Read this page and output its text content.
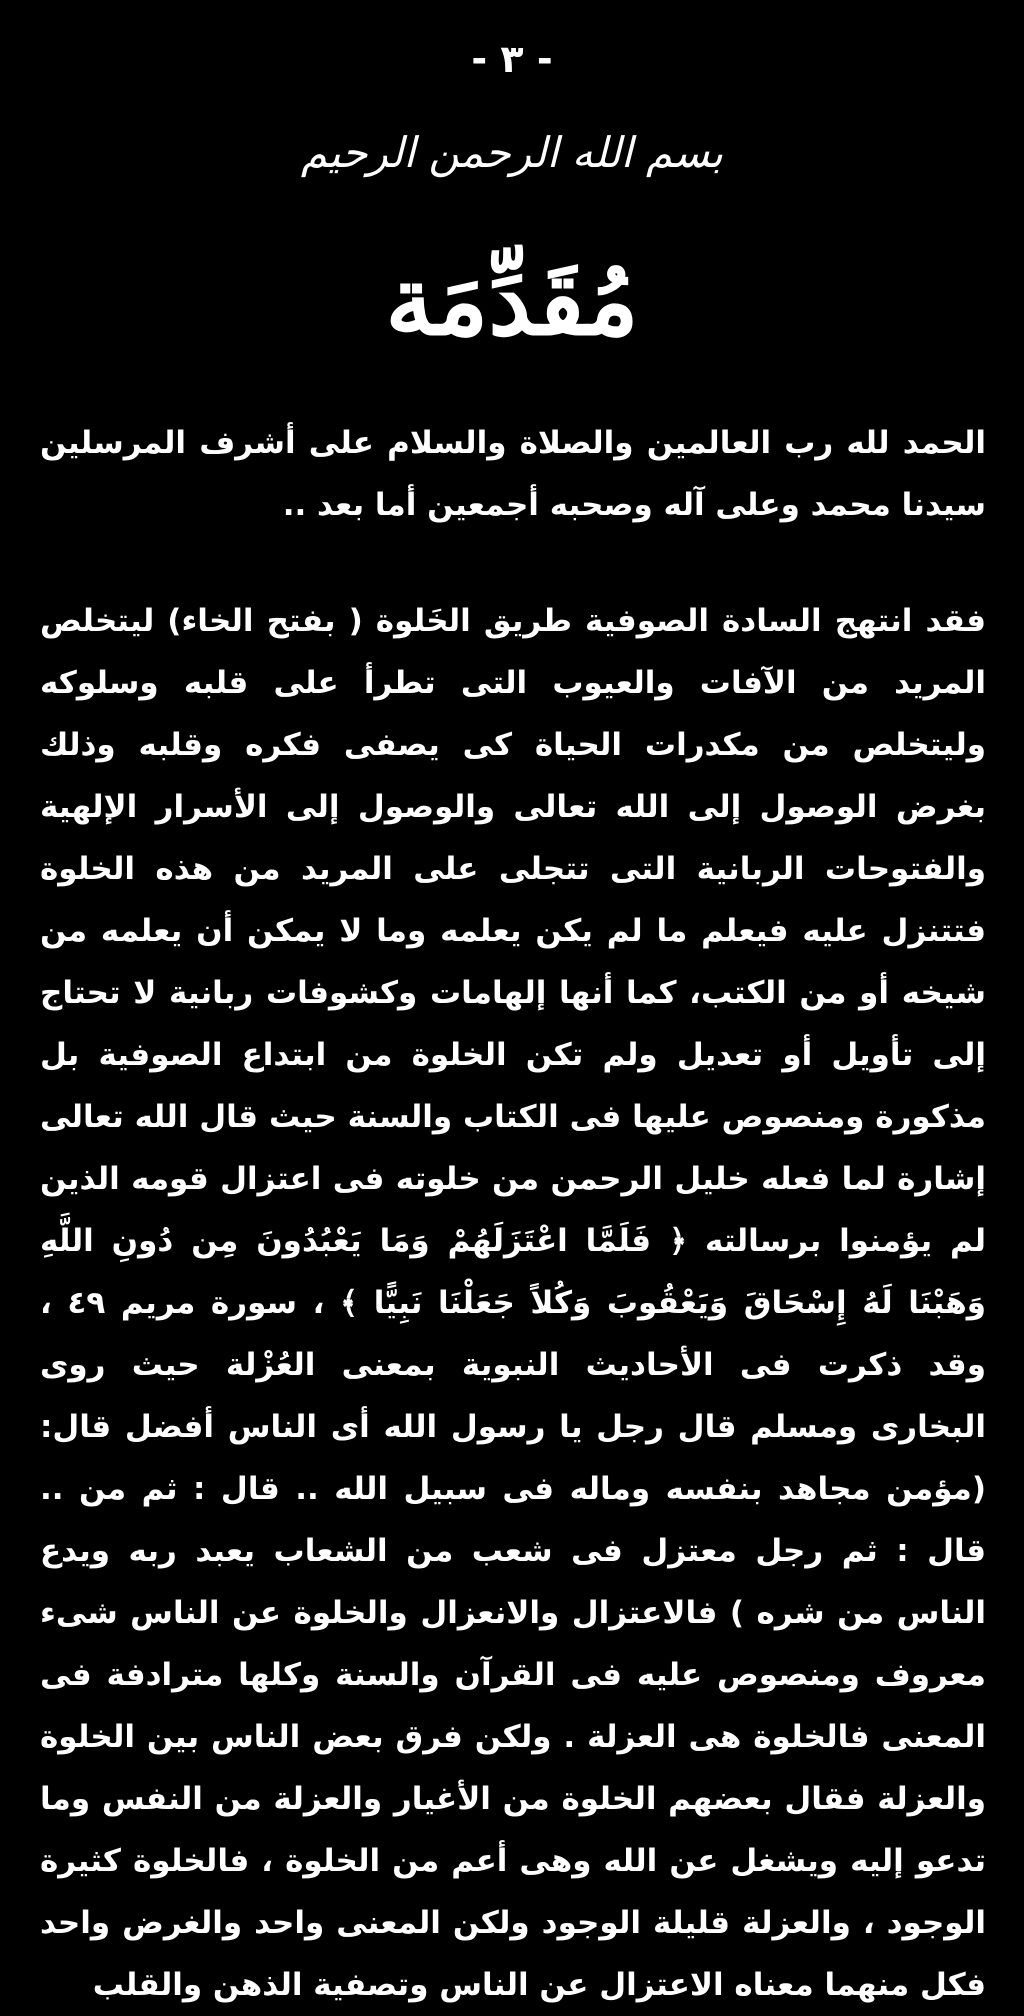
- ٣ -
بسم الله الرحمن الرحيم
مُقَدِّمَة

الحمد لله رب العالمين والصلاة والسلام على أشرف المرسلين سيدنا محمد وعلى آله وصحبه أجمعين أما بعد ..

فقد انتهج السادة الصوفية طريق الخَلوة ( بفتح الخاء) ليتخلص المريد من الآفات والعيوب التى تطرأ على قلبه وسلوكه وليتخلص من مكدرات الحياة كى يصفى فكره وقلبه وذلك بغرض الوصول إلى الله تعالى والوصول إلى الأسرار الإلهية والفتوحات الربانية التى تتجلى على المريد من هذه الخلوة فتتنزل عليه فيعلم ما لم يكن يعلمه وما لا يمكن أن يعلمه من شيخه أو من الكتب، كما أنها إلهامات وكشوفات ربانية لا تحتاج إلى تأويل أو تعديل ولم تكن الخلوة من ابتداع الصوفية بل مذكورة ومنصوص عليها فى الكتاب والسنة حيث قال الله تعالى إشارة لما فعله خليل الرحمن من خلوته فى اعتزال قومه الذين لم يؤمنوا برسالته ﴿ فَلَمَّا اعْتَزَلَهُمْ وَمَا يَعْبُدُونَ مِن دُونِ اللَّهِ وَهَبْنَا لَهُ إِسْحَاقَ وَيَعْقُوبَ وَكُلاً جَعَلْنَا نَبِيًّا ﴾ ، سورة مريم ٤٩ ، وقد ذكرت فى الأحاديث النبوية بمعنى العُزْلة حيث روى البخارى ومسلم قال رجل يا رسول الله أى الناس أفضل قال:(مؤمن مجاهد بنفسه وماله فى سبيل الله .. قال : ثم من .. قال : ثم رجل معتزل فى شعب من الشعاب يعبد ربه ويدع الناس من شره ) فالاعتزال والانعزال والخلوة عن الناس شىء معروف ومنصوص عليه فى القرآن والسنة وكلها مترادفة فى المعنى فالخلوة هى العزلة . ولكن فرق بعض الناس بين الخلوة والعزلة فقال بعضهم الخلوة من الأغيار والعزلة من النفس وما تدعو إليه ويشغل عن الله وهى أعم من الخلوة ، فالخلوة كثيرة الوجود ، والعزلة قليلة الوجود ولكن المعنى واحد والغرض واحد فكل منهما معناه الاعتزال عن الناس وتصفية الذهن والقلب
